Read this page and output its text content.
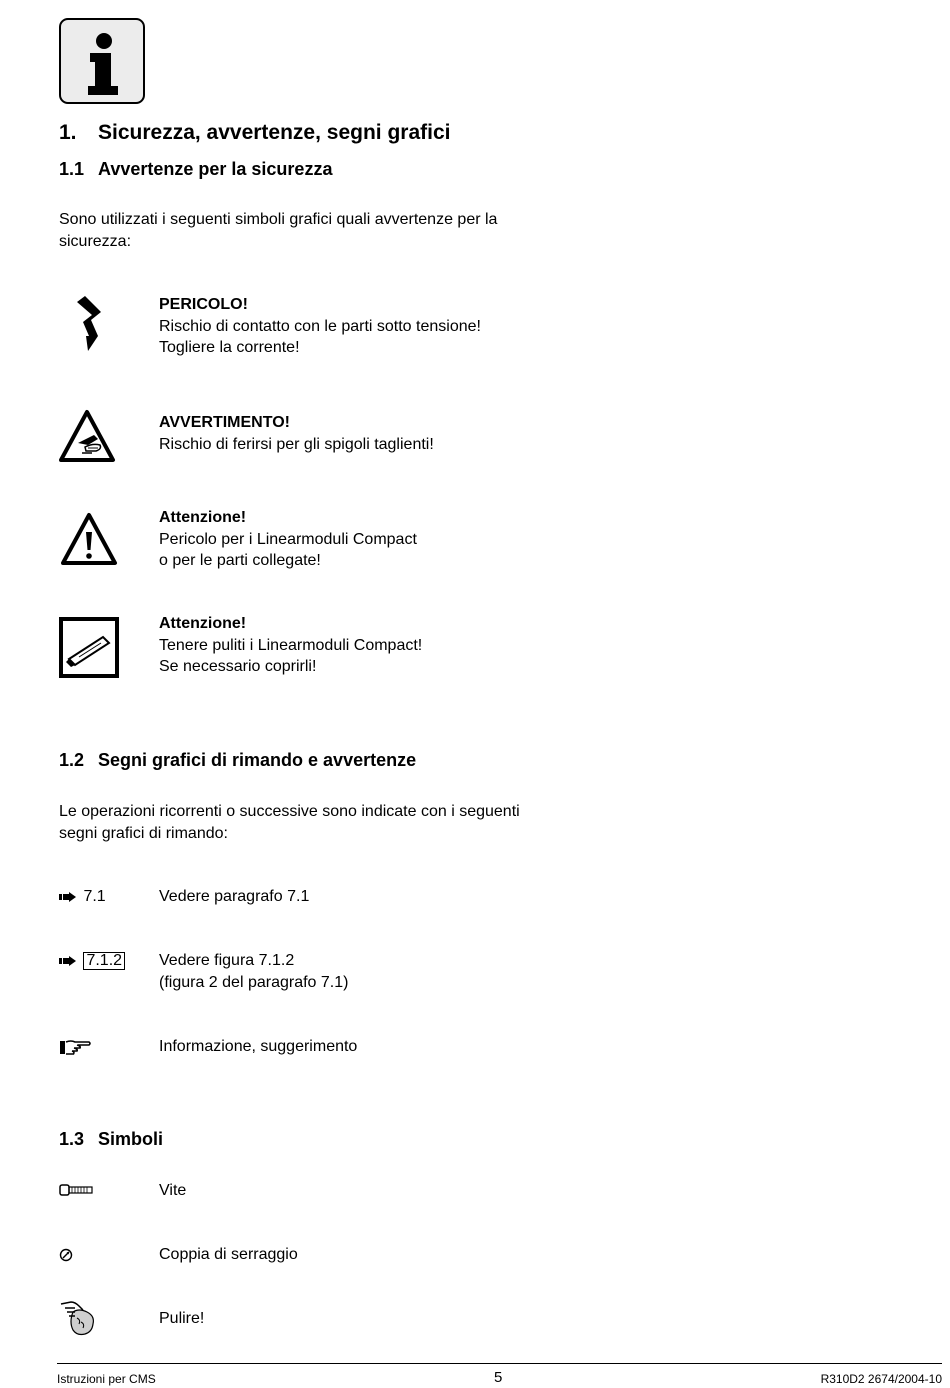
1. Sicurezza, avvertenze, segni grafici
1.1 Avvertenze per la sicurezza
Sono utilizzati i seguenti simboli grafici quali avvertenze per la
sicurezza:
PERICOLO!
Rischio di contatto con le parti sotto tensione!
Togliere la corrente!
AVVERTIMENTO!
Rischio di ferirsi per gli spigoli taglienti!
Attenzione!
Pericolo per i Linearmoduli Compact
o per le parti collegate!
Attenzione!
Tenere puliti i Linearmoduli Compact!
Se necessario coprirli!
1.2 Segni grafici di rimando e avvertenze
Le operazioni ricorrenti o successive sono indicate con i seguenti
segni grafici di rimando:
7.1	Vedere paragrafo 7.1
7.1.2 Vedere figura 7.1.2
(figura 2 del paragrafo 7.1)
Informazione, suggerimento
1.3 Simboli
Vite
Coppia di serraggio
Pulire!
Istruzioni per CMS	5	R310D2 2674/2004-10
